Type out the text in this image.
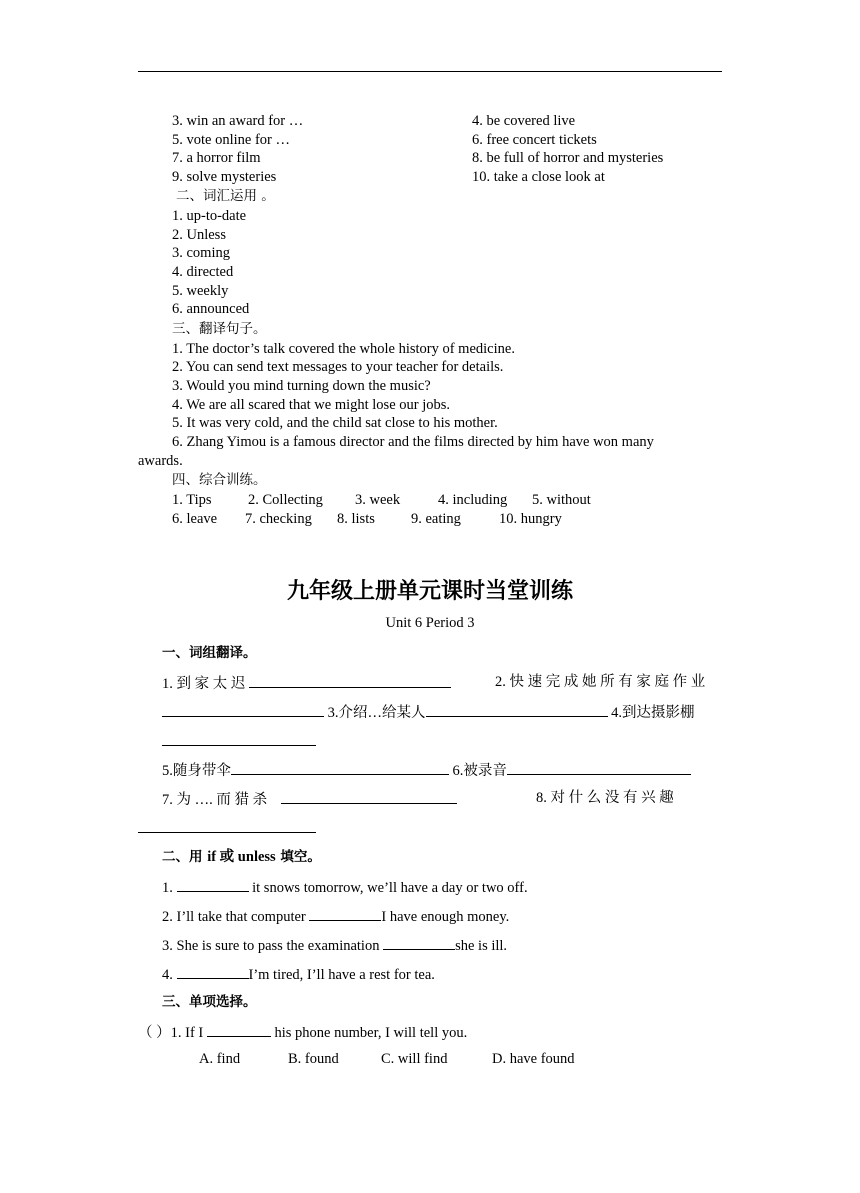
3. win an award for …	4. be covered live
5. vote online for …	6. free concert tickets
7. a horror film	8. be full of horror and mysteries
9. solve mysteries	10. take a close look at
二、词汇运用 。
1. up-to-date
2. Unless
3. coming
4. directed
5. weekly
6. announced
三、翻译句子。
1. The doctor’s talk covered the whole history of medicine.
2. You can send text messages to your teacher for details.
3. Would you mind turning down the music?
4. We are all scared that we might lose our jobs.
5. It was very cold, and the child sat close to his mother.
6. Zhang Yimou is a famous director and the films directed by him have won many
awards.
四、综合训练。
1. Tips	2. Collecting 3. week	4. including 5. without
6. leave 7. checking 8. lists 9. eating	10. hungry
九年级上册单元课时当堂训练
Unit 6 Period 3
一、词组翻译。
1. 到 家 太 迟	2. 快 速 完 成 她 所 有 家 庭 作 业
3.介绍…给某人	4.到达摄影棚
5.随身带伞	6.被录音
7. 为 …. 而 猎 杀	8. 对 什 么 没 有 兴 趣
二、用 if 或 unless 填空。
1.	it snows tomorrow, we’ll have a day or two off.
2. I’ll take that computer	I have enough money.
3. She is sure to pass the examination	she is ill.
4.	I’m tired, I’ll have a rest for tea.
三、单项选择。
（ ）1. If I	his phone number, I will tell you.
A. find	B. found	C. will find	D. have found
